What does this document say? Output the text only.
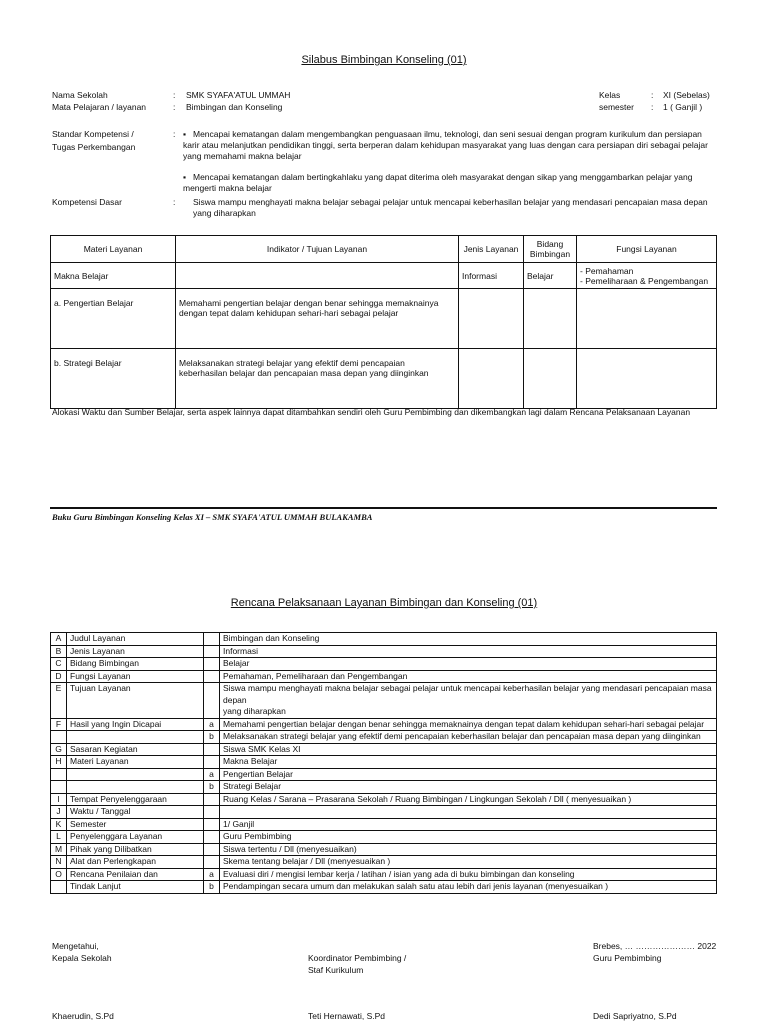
Silabus Bimbingan Konseling (01)
Nama Sekolah	: SMK SYAFA'ATUL UMMAH
Mata Pelajaran / layanan	: Bimbingan dan Konseling
Kelas	: XI (Sebelas)
semester : 1 ( Ganjil )
Standar Kompetensi /
Tugas Perkembangan
: ▪ Mencapai kematangan dalam mengembangkan penguasaan ilmu, teknologi, dan seni sesuai dengan program kurikulum dan persiapan karir atau melanjutkan pendidikan tinggi, serta berperan dalam kehidupan masyarakat yang luas dengan cara persiapan diri sebagai pelajar yang memahami makna belajar
▪ Mencapai kematangan dalam bertingkahlaku yang dapat diterima oleh masyarakat dengan sikap yang menggambarkan pelajar yang mengerti makna belajar
Kompetensi Dasar	: Siswa mampu menghayati makna belajar sebagai pelajar untuk mencapai keberhasilan belajar yang mendasari pencapaian masa depan yang diharapkan
Materi Layanan	Indikator / Tujuan Layanan	Jenis Layanan	Bidang Bimbingan	Fungsi Layanan
Makna Belajar		Informasi	Belajar	- Pemahaman
- Pemeliharaan & Pengembangan

a. Pengertian Belajar	Memahami pengertian belajar dengan benar sehingga memaknainya dengan tepat dalam kehidupan sehari-hari sebagai pelajar			
b. Strategi Belajar	Melaksanakan strategi belajar yang efektif demi pencapaian keberhasilan belajar dan pencapaian masa depan yang diinginkan			
Alokasi Waktu dan Sumber Belajar, serta aspek lainnya dapat ditambahkan sendiri oleh Guru Pembimbing dan dikembangkan lagi dalam Rencana Pelaksanaan Layanan
Buku Guru Bimbingan Konseling Kelas XI – SMK SYAFA'ATUL UMMAH BULAKAMBA
Rencana Pelaksanaan Layanan Bimbingan dan Konseling (01)
A	Judul Layanan		Bimbingan dan Konseling
B	Jenis Layanan		Informasi
C	Bidang Bimbingan		Belajar
D	Fungsi Layanan		Pemahaman, Pemeliharaan dan Pengembangan
E	Tujuan Layanan		Siswa mampu menghayati makna belajar sebagai pelajar untuk mencapai keberhasilan belajar yang mendasari pencapaian masa depan
yang diharapkan

F	Hasil yang Ingin Dicapai	a	Memahami pengertian belajar dengan benar sehingga memaknainya dengan tepat dalam kehidupan sehari-hari sebagai pelajar
		b	Melaksanakan strategi belajar yang efektif demi pencapaian keberhasilan belajar dan pencapaian masa depan yang diinginkan
G	Sasaran Kegiatan		Siswa SMK Kelas XI
H	Materi Layanan		Makna Belajar
		a	Pengertian Belajar
		b	Strategi Belajar
I	Tempat Penyelenggaraan		Ruang Kelas / Sarana – Prasarana Sekolah / Ruang Bimbingan / Lingkungan Sekolah / Dll ( menyesuaikan )
J	Waktu / Tanggal		
K	Semester		1/ Ganjil
L	Penyelenggara Layanan		Guru Pembimbing
M	Pihak yang Dilibatkan		Siswa tertentu / Dll (menyesuaikan)
N	Alat dan Perlengkapan		Skema tentang belajar / Dll (menyesuaikan )
O	Rencana Penilaian dan	a	Evaluasi diri / mengisi lembar kerja / latihan / isian yang ada di buku bimbingan dan konseling
	Tindak Lanjut	b	Pendampingan secara umum dan melakukan salah satu atau lebih dari jenis layanan (menyesuaikan )
Mengetahui,
Kepala Sekolah	Koordinator Pembimbing /
Staf Kurikulum
Brebes, … ………………… 2022
Guru Pembimbing
Khaerudin, S.Pd	Teti Hernawati, S.Pd	Dedi Sapriyatno, S.Pd
